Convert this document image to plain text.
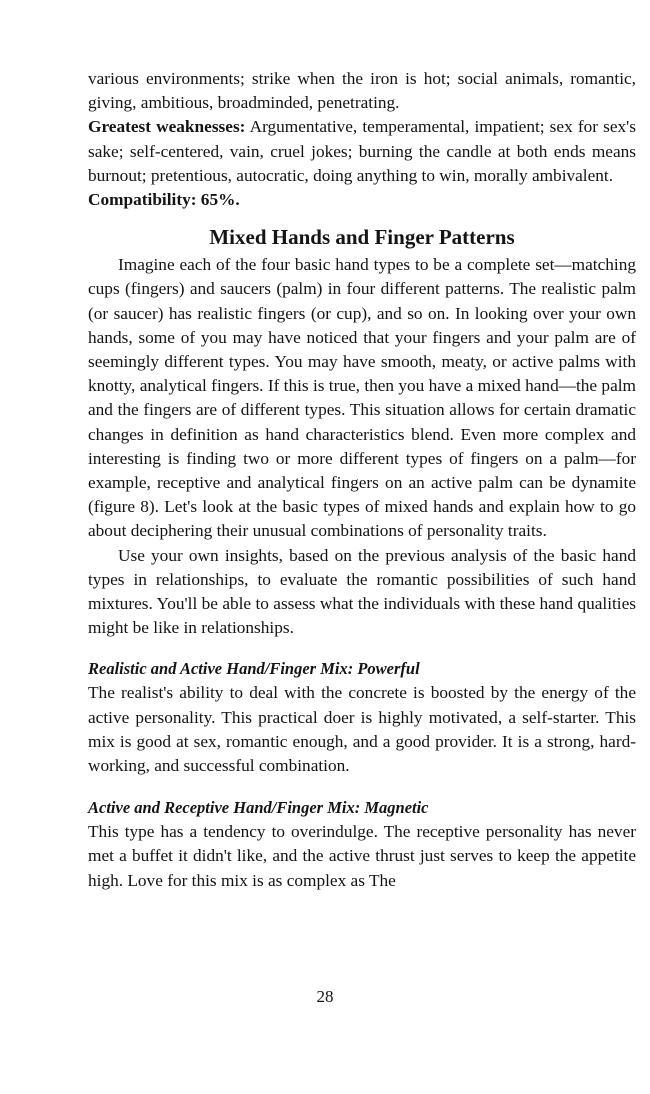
various environments; strike when the iron is hot; social animals, romantic, giving, ambitious, broadminded, penetrating.

Greatest weaknesses: Argumentative, temperamental, impatient; sex for sex's sake; self-centered, vain, cruel jokes; burning the candle at both ends means burnout; pretentious, autocratic, doing anything to win, morally ambivalent.

Compatibility: 65%.

Mixed Hands and Finger Patterns

Imagine each of the four basic hand types to be a complete set—matching cups (fingers) and saucers (palm) in four different patterns. The realistic palm (or saucer) has realistic fingers (or cup), and so on. In looking over your own hands, some of you may have noticed that your fingers and your palm are of seemingly different types. You may have smooth, meaty, or active palms with knotty, analytical fingers. If this is true, then you have a mixed hand—the palm and the fingers are of different types. This situation allows for certain dramatic changes in definition as hand characteristics blend. Even more complex and interesting is finding two or more different types of fingers on a palm—for example, receptive and analytical fingers on an active palm can be dynamite (figure 8). Let's look at the basic types of mixed hands and explain how to go about deciphering their unusual combinations of personality traits.

Use your own insights, based on the previous analysis of the basic hand types in relationships, to evaluate the romantic possibilities of such hand mixtures. You'll be able to assess what the individuals with these hand qualities might be like in relationships.

Realistic and Active Hand/Finger Mix: Powerful

The realist's ability to deal with the concrete is boosted by the energy of the active personality. This practical doer is highly motivated, a self-starter. This mix is good at sex, romantic enough, and a good provider. It is a strong, hard-working, and successful combination.

Active and Receptive Hand/Finger Mix: Magnetic

This type has a tendency to overindulge. The receptive personality has never met a buffet it didn't like, and the active thrust just serves to keep the appetite high. Love for this mix is as complex as The

28
